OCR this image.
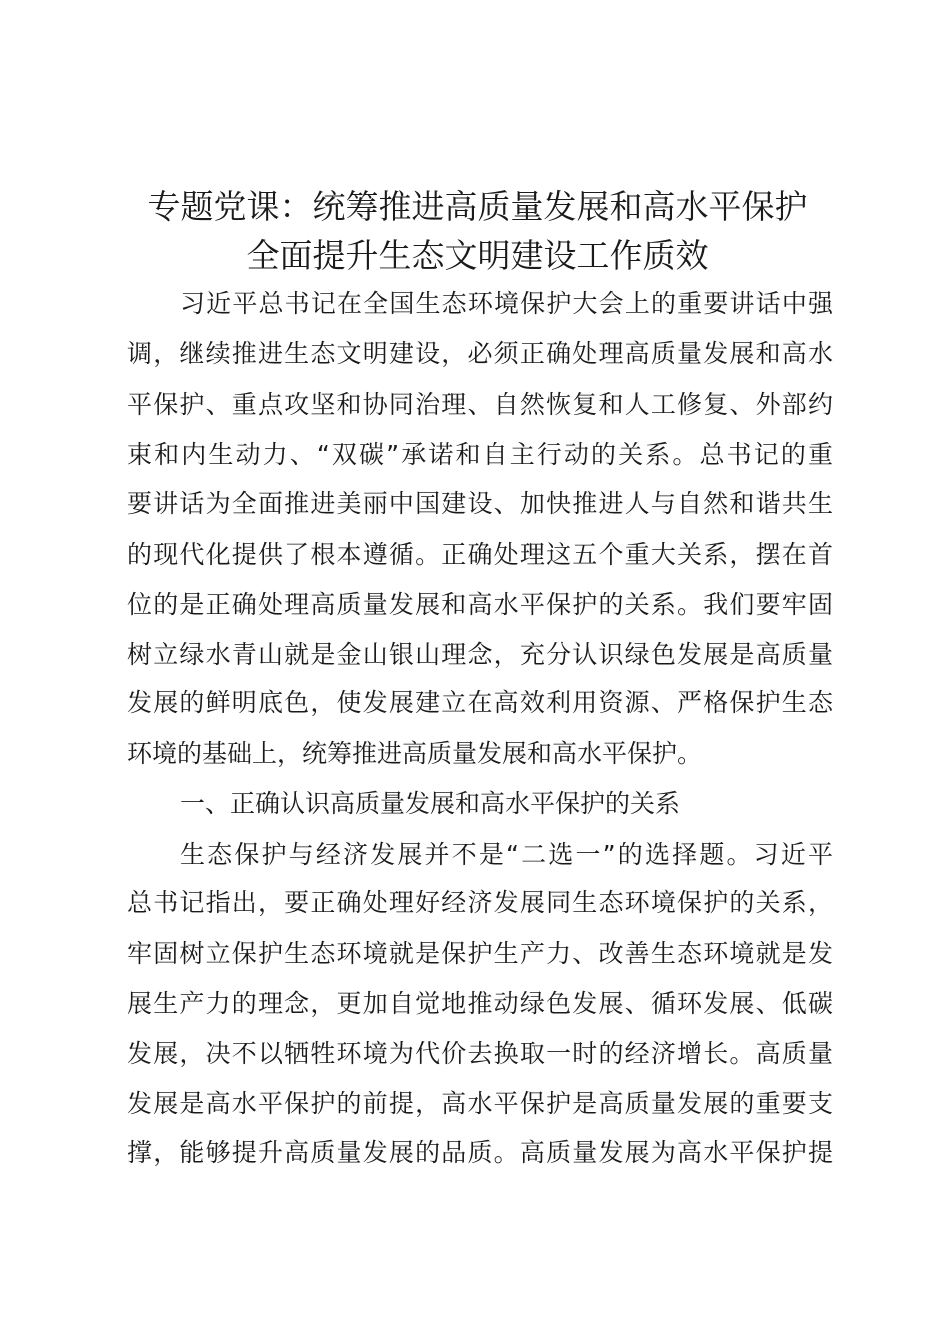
专题党课：统筹推进高质量发展和高水平保护
全面提升生态文明建设工作质效

习近平总书记在全国生态环境保护大会上的重要讲话中强

调，继续推进生态文明建设，必须正确处理高质量发展和高水

平保护、重点攻坚和协同治理、自然恢复和人工修复、外部约

束和内生动力、“双碳”承诺和自主行动的关系。总书记的重

要讲话为全面推进美丽中国建设、加快推进人与自然和谐共生

的现代化提供了根本遵循。正确处理这五个重大关系，摆在首

位的是正确处理高质量发展和高水平保护的关系。我们要牢固

树立绿水青山就是金山银山理念，充分认识绿色发展是高质量

发展的鲜明底色，使发展建立在高效利用资源、严格保护生态

环境的基础上，统筹推进高质量发展和高水平保护。

一、正确认识高质量发展和高水平保护的关系

生态保护与经济发展并不是“二选一”的选择题。习近平

总书记指出，要正确处理好经济发展同生态环境保护的关系，

牢固树立保护生态环境就是保护生产力、改善生态环境就是发

展生产力的理念，更加自觉地推动绿色发展、循环发展、低碳

发展，决不以牺牲环境为代价去换取一时的经济增长。高质量

发展是高水平保护的前提，高水平保护是高质量发展的重要支

撑，能够提升高质量发展的品质。高质量发展为高水平保护提
